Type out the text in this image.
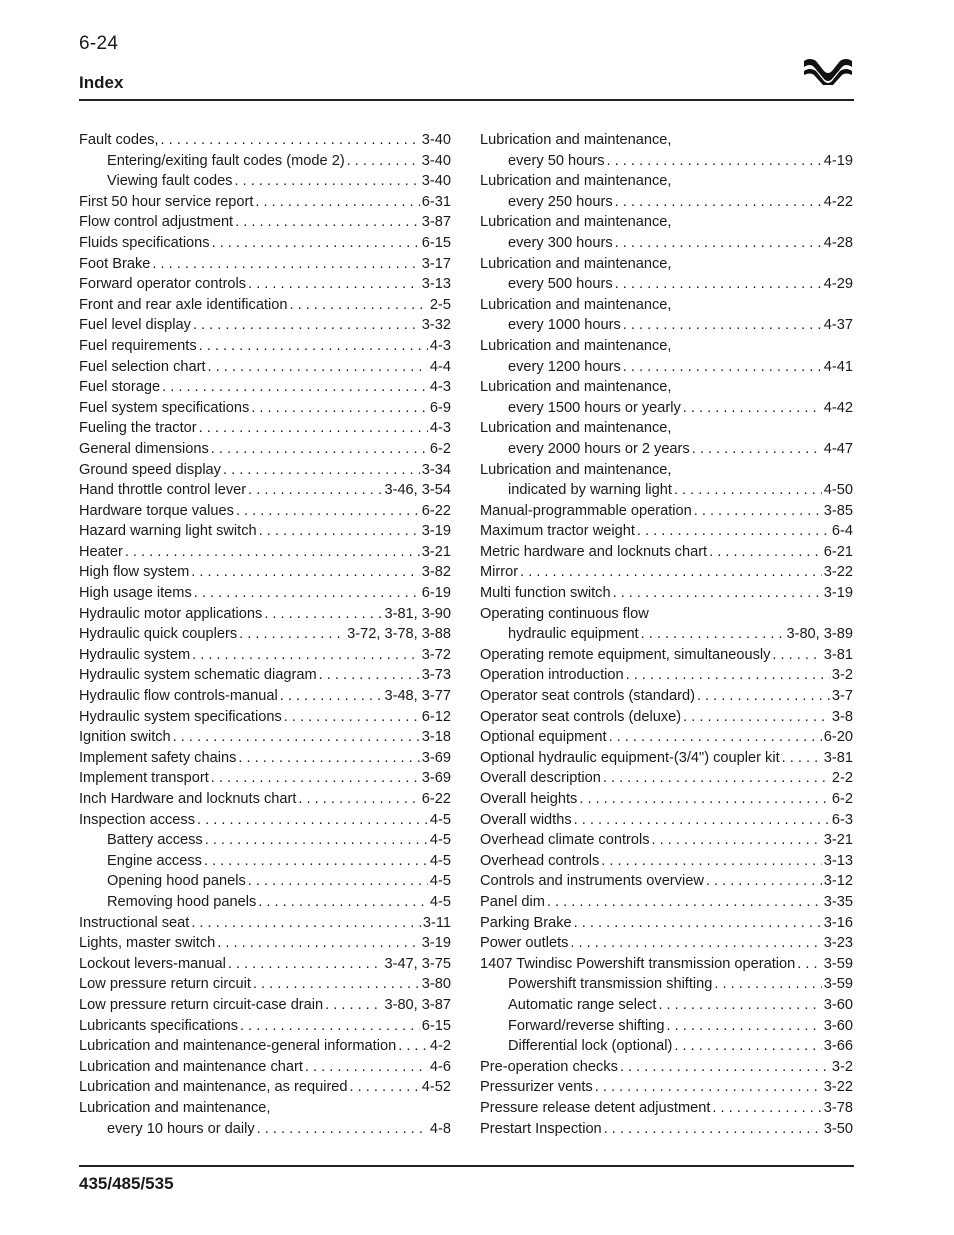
6-24
Index
Fault codes, . . .	3-40
Entering/exiting fault codes (mode 2) . . .	3-40
Viewing fault codes . . .	3-40
First 50 hour service report . . .	6-31
Flow control adjustment . . .	3-87
Fluids specifications . . .	6-15
Foot Brake . . .	3-17
Forward operator controls . . .	3-13
Front and rear axle identification . . .	2-5
Fuel level display . . .	3-32
Fuel requirements . . .	4-3
Fuel selection chart . . .	4-4
Fuel storage . . .	4-3
Fuel system specifications . . .	6-9
Fueling the tractor . . .	4-3
General dimensions . . .	6-2
Ground speed display . . .	3-34
Hand throttle control lever . . .	3-46, 3-54
Hardware torque values . . .	6-22
Hazard warning light switch . . .	3-19
Heater . . .	3-21
High flow system . . .	3-82
High usage items . . .	6-19
Hydraulic motor applications . . .	3-81, 3-90
Hydraulic quick couplers . . .	3-72, 3-78, 3-88
Hydraulic system . . .	3-72
Hydraulic system schematic diagram . . .	3-73
Hydraulic flow controls-manual . . .	3-48, 3-77
Hydraulic system specifications . . .	6-12
Ignition switch . . .	3-18
Implement safety chains . . .	3-69
Implement transport . . .	3-69
Inch Hardware and locknuts chart . . .	6-22
Inspection access . . .	4-5
Battery access . . .	4-5
Engine access . . .	4-5
Opening hood panels . . .	4-5
Removing hood panels . . .	4-5
Instructional seat . . .	3-11
Lights, master switch . . .	3-19
Lockout levers-manual . . .	3-47, 3-75
Low pressure return circuit . . .	3-80
Low pressure return circuit-case drain . . .	3-80, 3-87
Lubricants specifications . . .	6-15
Lubrication and maintenance-general information . . . 4-2
Lubrication and maintenance chart . . .	4-6
Lubrication and maintenance, as required . . .	4-52
Lubrication and maintenance,
every 10 hours or daily . . .	4-8
Lubrication and maintenance,
every 50 hours . . .	4-19
Lubrication and maintenance,
every 250 hours . . .	4-22
Lubrication and maintenance,
every 300 hours . . .	4-28
Lubrication and maintenance,
every 500 hours . . .	4-29
Lubrication and maintenance,
every 1000 hours . . .	4-37
Lubrication and maintenance,
every 1200 hours . . .	4-41
Lubrication and maintenance,
every 1500 hours or yearly . . .	4-42
Lubrication and maintenance,
every 2000 hours or 2 years . . .	4-47
Lubrication and maintenance,
indicated by warning light . . .	4-50
Manual-programmable operation . . .	3-85
Maximum tractor weight . . .	6-4
Metric hardware and locknuts chart . . .	6-21
Mirror . . .	3-22
Multi function switch . . .	3-19
Operating continuous flow
hydraulic equipment . . .	3-80, 3-89
Operating remote equipment, simultaneously . . .	3-81
Operation introduction . . .	3-2
Operator seat controls (standard) . . .	3-7
Operator seat controls (deluxe) . . .	3-8
Optional equipment . . .	6-20
Optional hydraulic equipment-(3/4") coupler kit . . .	3-81
Overall description . . .	2-2
Overall heights . . .	6-2
Overall widths . . .	6-3
Overhead climate controls . . .	3-21
Overhead controls . . .	3-13
Controls and instruments overview . . .	3-12
Panel dim . . .	3-35
Parking Brake . . .	3-16
Power outlets . . .	3-23
1407 Twindisc Powershift transmission operation . . . 3-59
Powershift transmission shifting . . .	3-59
Automatic range select . . .	3-60
Forward/reverse shifting . . .	3-60
Differential lock (optional) . . .	3-66
Pre-operation checks . . .	3-2
Pressurizer vents . . .	3-22
Pressure release detent adjustment . . .	3-78
Prestart Inspection . . .	3-50
435/485/535
